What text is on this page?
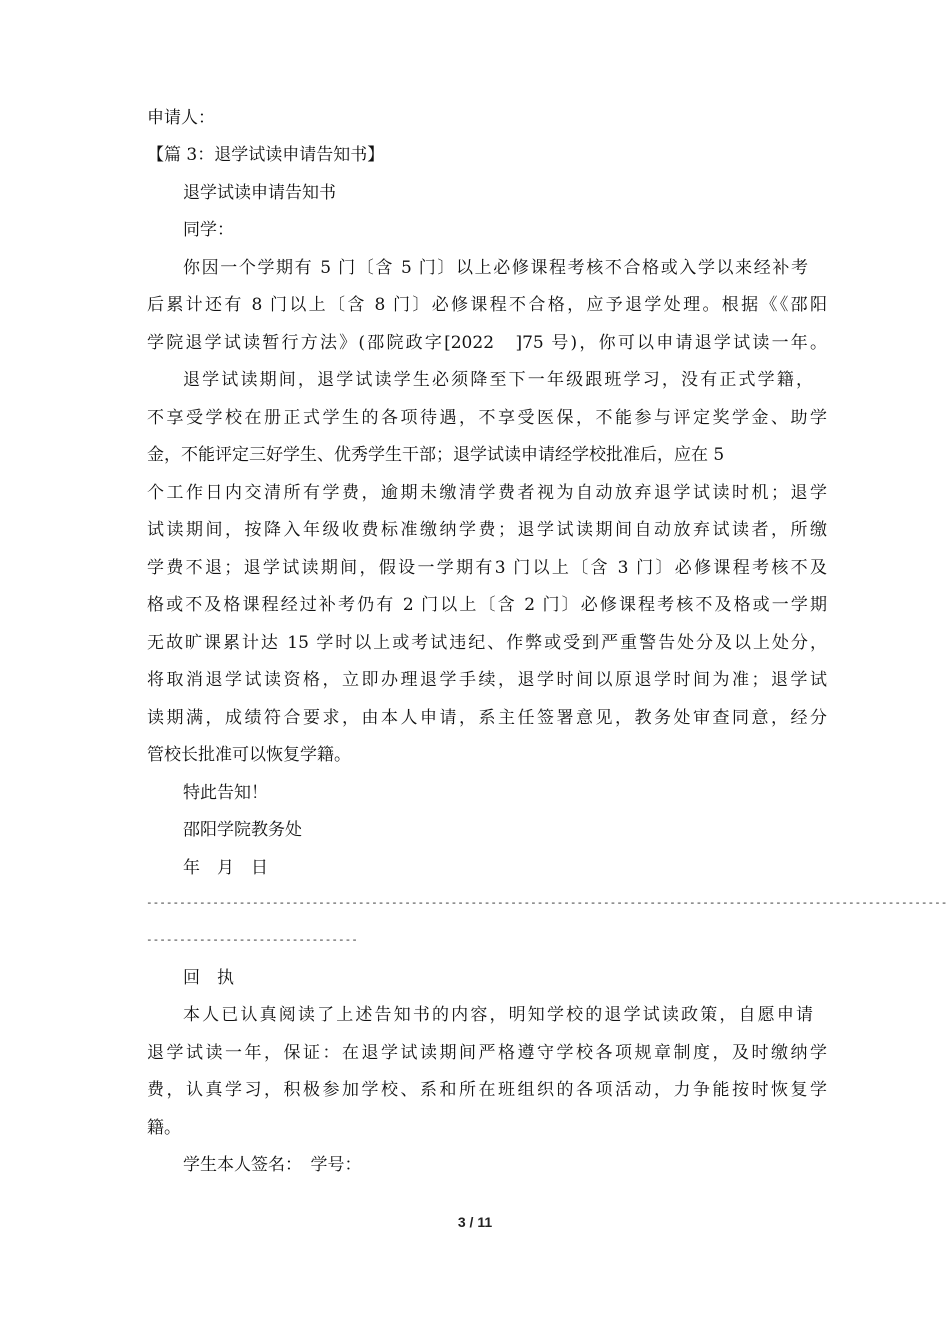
申请人：
【篇 3：退学试读申请告知书】
退学试读申请告知书
同学：
你因一个学期有 5 门〔含 5 门〕以上必修课程考核不合格或入学以来经补考
后累计还有 8 门以上〔含 8 门〕必修课程不合格，应予退学处理。根据《《邵阳
学院退学试读暂行方法》(邵院政字[2022　]75 号)，你可以申请退学试读一年。
退学试读期间，退学试读学生必须降至下一年级跟班学习，没有正式学籍，
不享受学校在册正式学生的各项待遇，不享受医保，不能参与评定奖学金、助学
金，不能评定三好学生、优秀学生干部；退学试读申请经学校批准后，应在 5
个工作日内交清所有学费，逾期未缴清学费者视为自动放弃退学试读时机；退学
试读期间，按降入年级收费标准缴纳学费；退学试读期间自动放弃试读者，所缴
学费不退；退学试读期间，假设一学期有3 门以上〔含 3 门〕必修课程考核不及
格或不及格课程经过补考仍有 2 门以上〔含 2 门〕必修课程考核不及格或一学期
无故旷课累计达 15 学时以上或考试违纪、作弊或受到严重警告处分及以上处分，
将取消退学试读资格，立即办理退学手续，退学时间以原退学时间为准；退学试
读期满，成绩符合要求，由本人申请，系主任签署意见，教务处审查同意，经分
管校长批准可以恢复学籍。
特此告知！
邵阳学院教务处
年　月　日
-------------------------------------------------------------------------------------------------------------------------
--------------------------------
回　执
本人已认真阅读了上述告知书的内容，明知学校的退学试读政策，自愿申请
退学试读一年，保证：在退学试读期间严格遵守学校各项规章制度，及时缴纳学
费，认真学习，积极参加学校、系和所在班组织的各项活动，力争能按时恢复学
籍。
学生本人签名：　学号：
3 / 11
